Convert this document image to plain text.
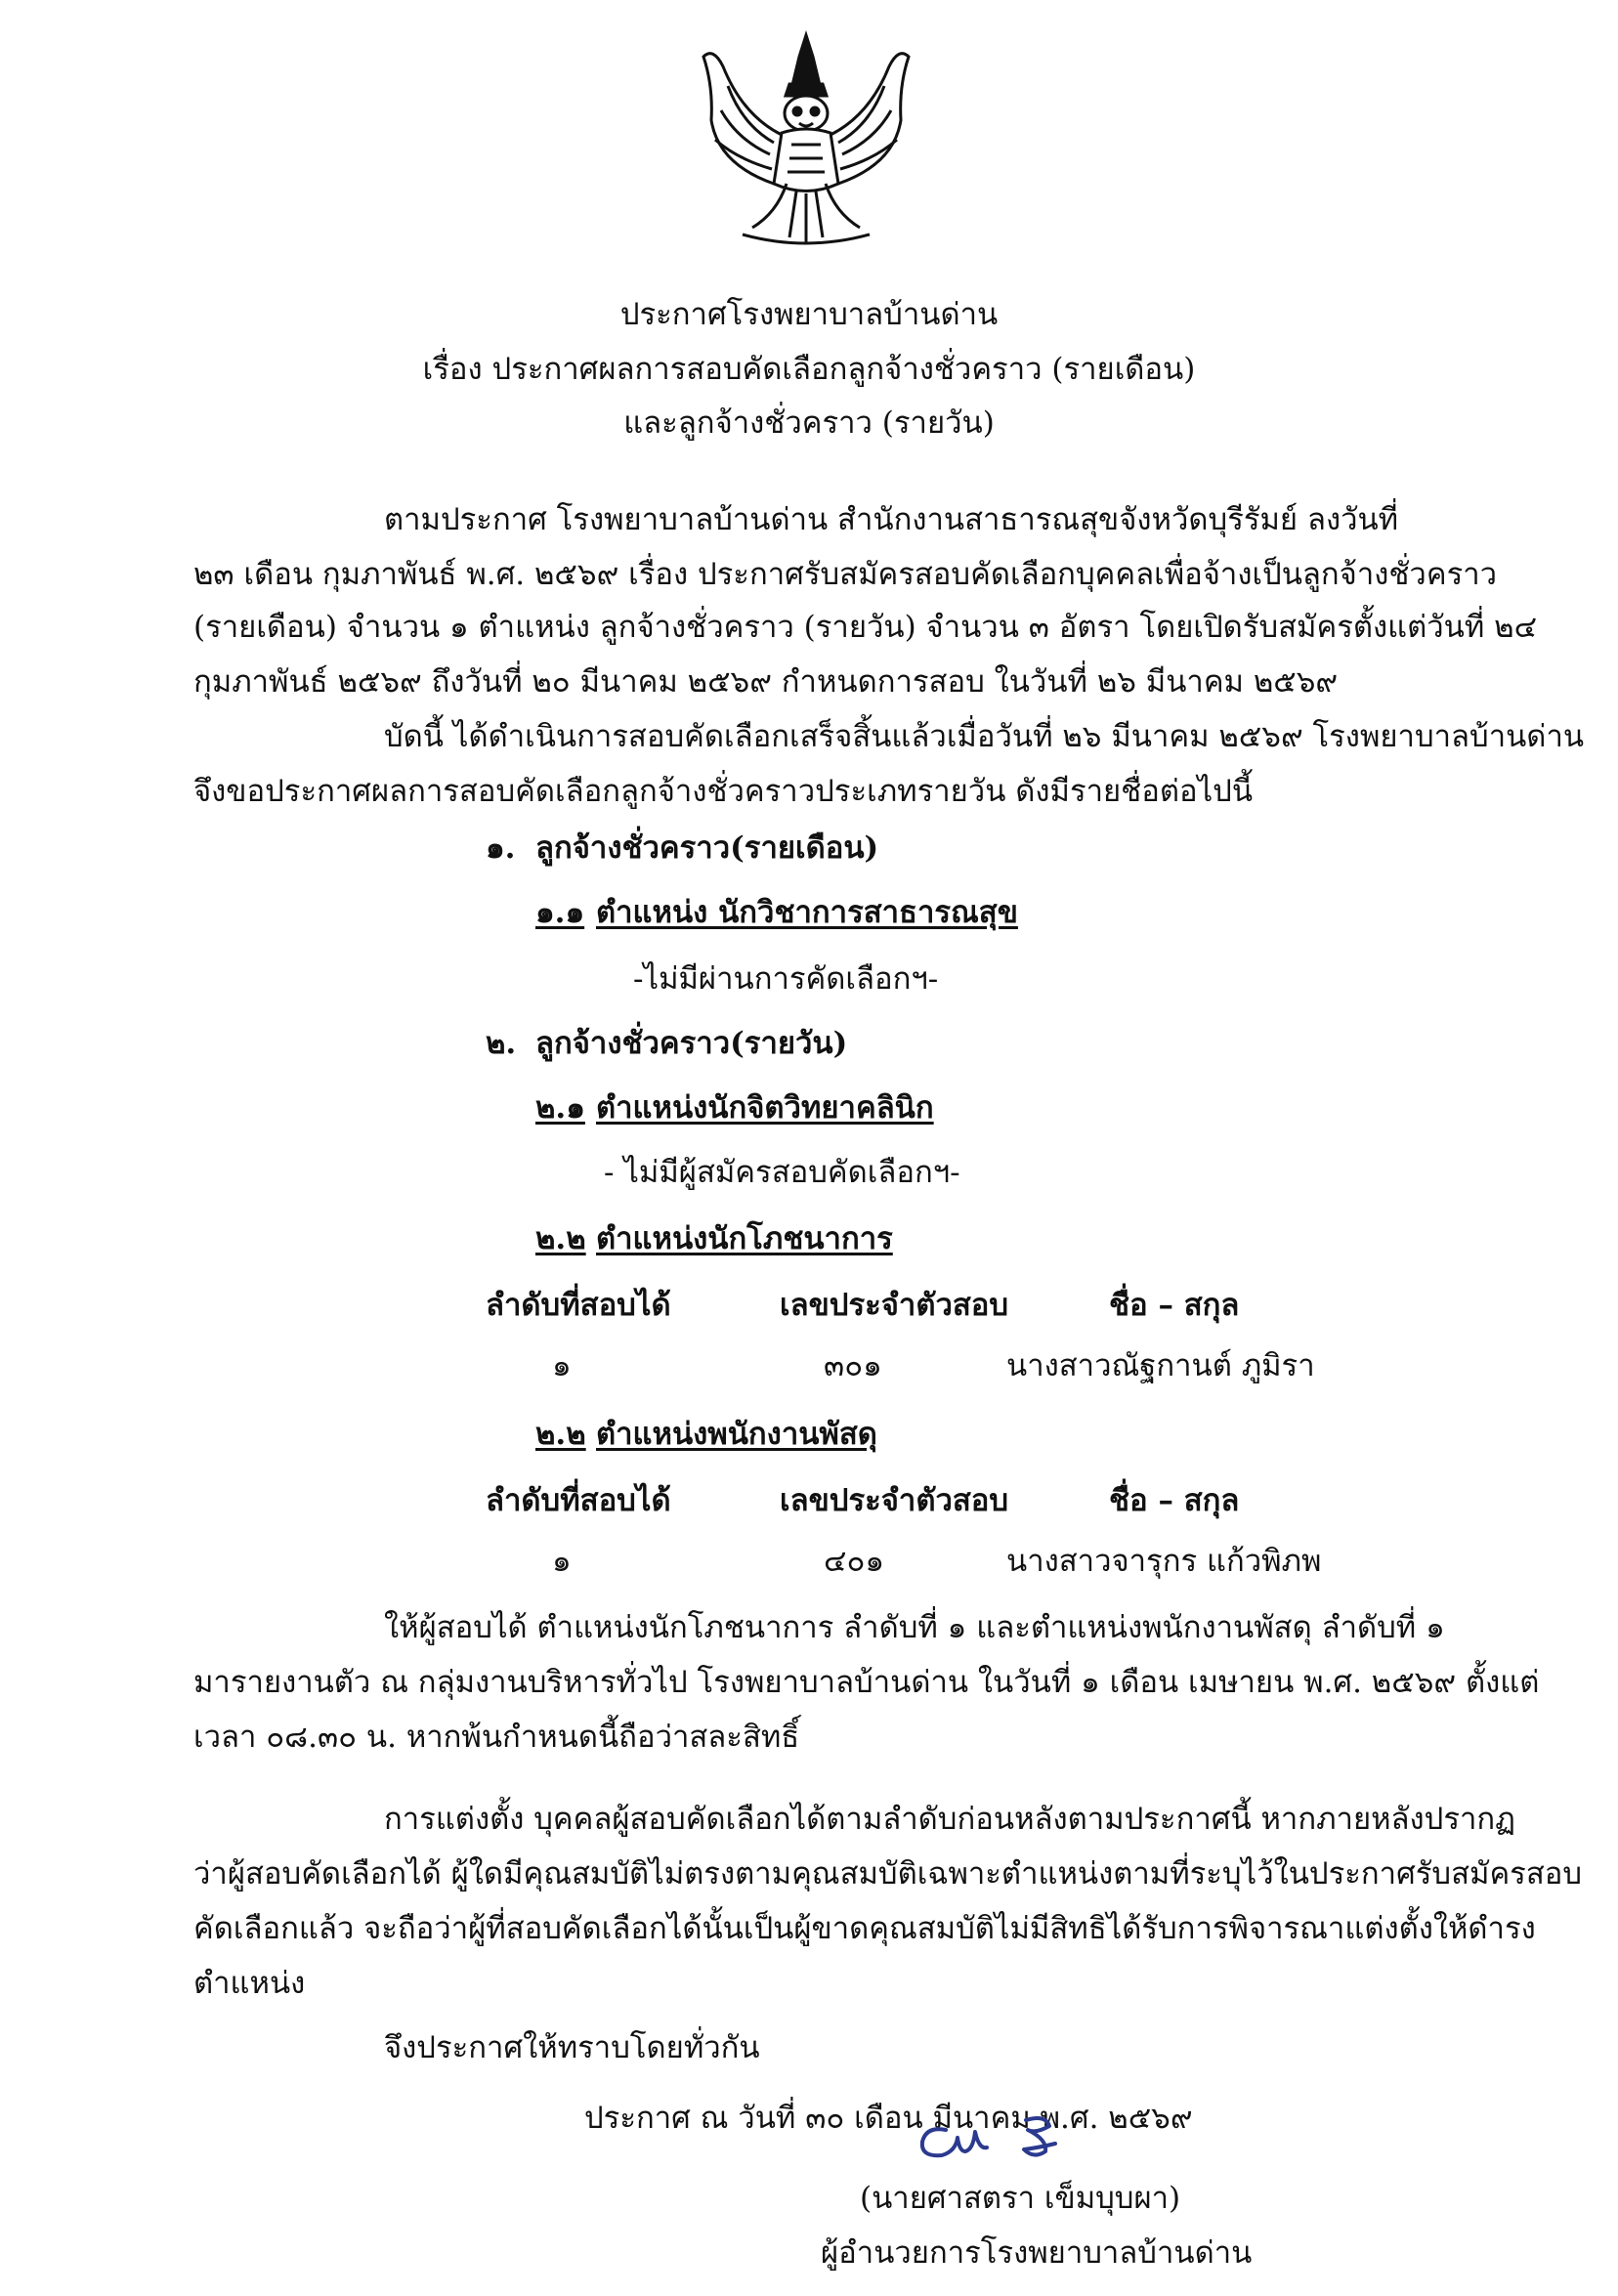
ประกาศโรงพยาบาลบ้านด่าน
เรื่อง ประกาศผลการสอบคัดเลือกลูกจ้างชั่วคราว (รายเดือน)
และลูกจ้างชั่วคราว (รายวัน)
ตามประกาศ โรงพยาบาลบ้านด่าน สำนักงานสาธารณสุขจังหวัดบุรีรัมย์ ลงวันที่
๒๓ เดือน กุมภาพันธ์ พ.ศ. ๒๕๖๙ เรื่อง ประกาศรับสมัครสอบคัดเลือกบุคคลเพื่อจ้างเป็นลูกจ้างชั่วคราว
(รายเดือน) จำนวน ๑ ตำแหน่ง ลูกจ้างชั่วคราว (รายวัน) จำนวน ๓ อัตรา โดยเปิดรับสมัครตั้งแต่วันที่ ๒๔
กุมภาพันธ์ ๒๕๖๙ ถึงวันที่ ๒๐ มีนาคม ๒๕๖๙ กำหนดการสอบ ในวันที่ ๒๖ มีนาคม ๒๕๖๙
บัดนี้ ได้ดำเนินการสอบคัดเลือกเสร็จสิ้นแล้วเมื่อวันที่ ๒๖ มีนาคม ๒๕๖๙ โรงพยาบาลบ้านด่าน
จึงขอประกาศผลการสอบคัดเลือกลูกจ้างชั่วคราวประเภทรายวัน ดังมีรายชื่อต่อไปนี้
๑. ลูกจ้างชั่วคราว(รายเดือน)
๑.๑ ตำแหน่ง นักวิชาการสาธารณสุข
-ไม่มีผ่านการคัดเลือกฯ-
๒. ลูกจ้างชั่วคราว(รายวัน)
๒.๑ ตำแหน่งนักจิตวิทยาคลินิก
- ไม่มีผู้สมัครสอบคัดเลือกฯ-
๒.๒ ตำแหน่งนักโภชนาการ
ลำดับที่สอบได้	เลขประจำตัวสอบ	ชื่อ – สกุล
๑	๓๐๑	นางสาวณัฐกานต์ ภูมิรา
๒.๒ ตำแหน่งพนักงานพัสดุ
ลำดับที่สอบได้	เลขประจำตัวสอบ	ชื่อ – สกุล
๑	๔๐๑	นางสาวจารุกร แก้วพิภพ
ให้ผู้สอบได้ ตำแหน่งนักโภชนาการ ลำดับที่ ๑ และตำแหน่งพนักงานพัสดุ ลำดับที่ ๑
มารายงานตัว ณ กลุ่มงานบริหารทั่วไป โรงพยาบาลบ้านด่าน ในวันที่ ๑ เดือน เมษายน พ.ศ. ๒๕๖๙ ตั้งแต่
เวลา ๐๘.๓๐ น. หากพ้นกำหนดนี้ถือว่าสละสิทธิ์
การแต่งตั้ง บุคคลผู้สอบคัดเลือกได้ตามลำดับก่อนหลังตามประกาศนี้ หากภายหลังปรากฏ
ว่าผู้สอบคัดเลือกได้ ผู้ใดมีคุณสมบัติไม่ตรงตามคุณสมบัติเฉพาะตำแหน่งตามที่ระบุไว้ในประกาศรับสมัครสอบ
คัดเลือกแล้ว จะถือว่าผู้ที่สอบคัดเลือกได้นั้นเป็นผู้ขาดคุณสมบัติไม่มีสิทธิได้รับการพิจารณาแต่งตั้งให้ดำรง
ตำแหน่ง
จึงประกาศให้ทราบโดยทั่วกัน
ประกาศ ณ วันที่ ๓๐ เดือน มีนาคม พ.ศ. ๒๕๖๙
(นายศาสตรา เข็มบุบผา)
ผู้อำนวยการโรงพยาบาลบ้านด่าน
